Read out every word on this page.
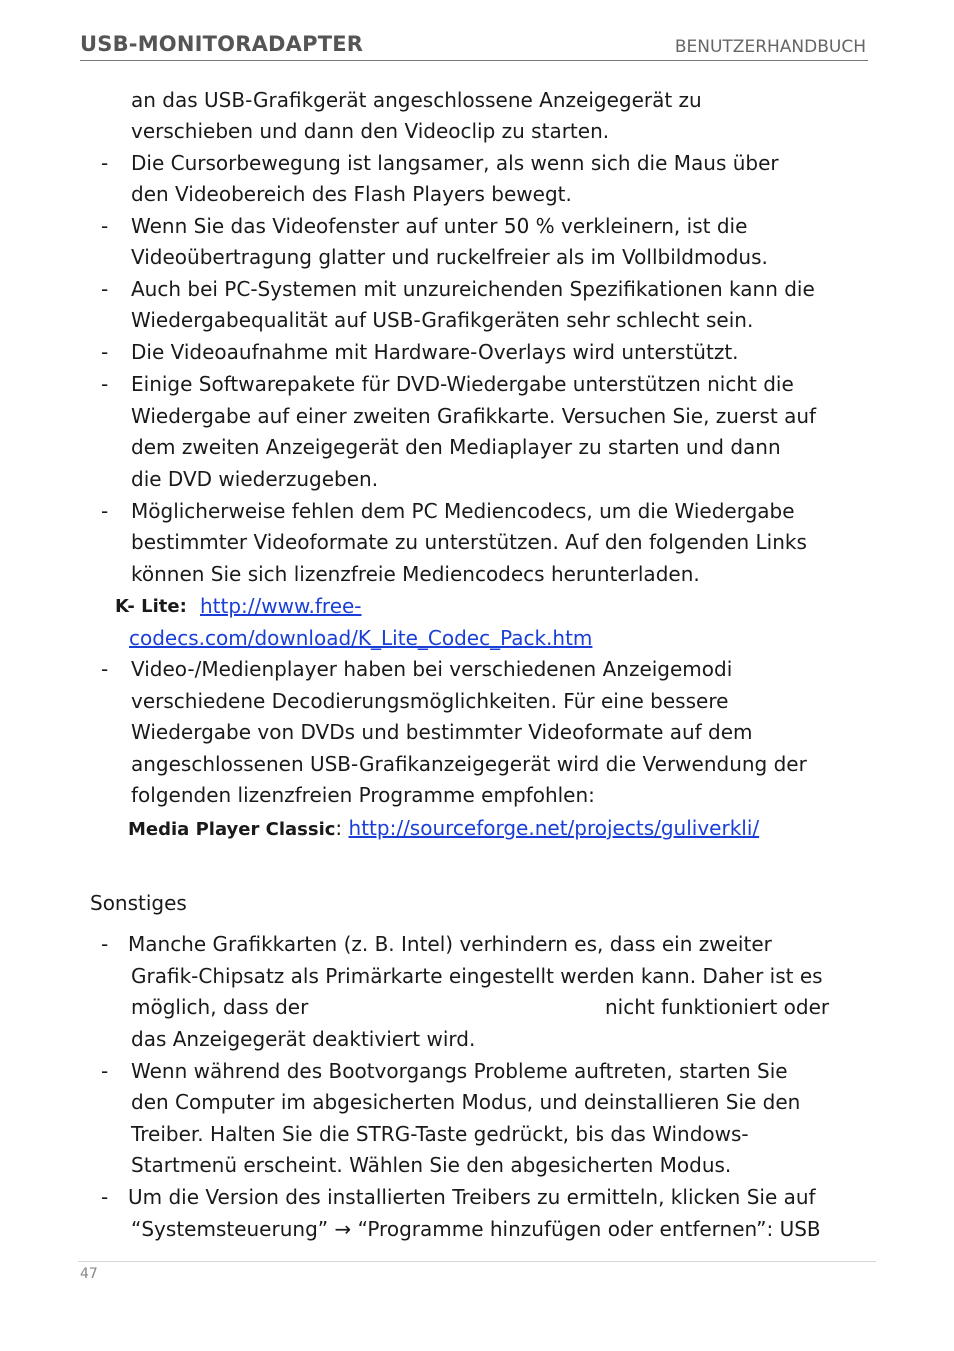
USB-MONITORADAPTER	BENUTZERHANDBUCH
an das USB-Grafikgerät angeschlossene Anzeigegerät zu
verschieben und dann den Videoclip zu starten.
- Die Cursorbewegung ist langsamer, als wenn sich die Maus über
den Videobereich des Flash Players bewegt.
- Wenn Sie das Videofenster auf unter 50 % verkleinern, ist die
Videoübertragung glatter und ruckelfreier als im Vollbildmodus.
- Auch bei PC-Systemen mit unzureichenden Spezifikationen kann die
Wiedergabequalität auf USB-Grafikgeräten sehr schlecht sein.
- Die Videoaufnahme mit Hardware-Overlays wird unterstützt.
- Einige Softwarepakete für DVD-Wiedergabe unterstützen nicht die
Wiedergabe auf einer zweiten Grafikkarte. Versuchen Sie, zuerst auf
dem zweiten Anzeigegerät den Mediaplayer zu starten und dann
die DVD wiederzugeben.
- Möglicherweise fehlen dem PC Mediencodecs, um die Wiedergabe
bestimmter Videoformate zu unterstützen. Auf den folgenden Links
können Sie sich lizenzfreie Mediencodecs herunterladen.
K- Lite: http://www.free-
codecs.com/download/K_Lite_Codec_Pack.htm
- Video-/Medienplayer haben bei verschiedenen Anzeigemodi
verschiedene Decodierungsmöglichkeiten. Für eine bessere
Wiedergabe von DVDs und bestimmter Videoformate auf dem
angeschlossenen USB-Grafikanzeigegerät wird die Verwendung der
folgenden lizenzfreien Programme empfohlen:
Media Player Classic: http://sourceforge.net/projects/guliverkli/
Sonstiges
- Manche Grafikkarten (z. B. Intel) verhindern es, dass ein zweiter
Grafik-Chipsatz als Primärkarte eingestellt werden kann. Daher ist es
möglich, dass der	nicht funktioniert oder
das Anzeigegerät deaktiviert wird.
- Wenn während des Bootvorgangs Probleme auftreten, starten Sie
den Computer im abgesicherten Modus, und deinstallieren Sie den
Treiber. Halten Sie die STRG-Taste gedrückt, bis das Windows-
Startmenü erscheint. Wählen Sie den abgesicherten Modus.
- Um die Version des installierten Treibers zu ermitteln, klicken Sie auf
“Systemsteuerung” → “Programme hinzufügen oder entfernen”: USB
47
